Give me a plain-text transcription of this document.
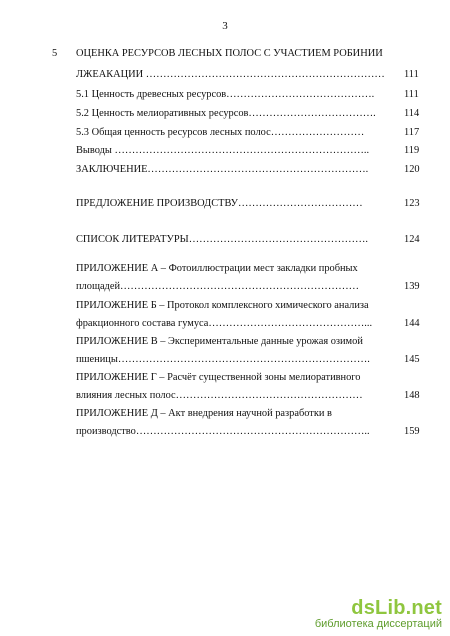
3
5 ОЦЕНКА РЕСУРСОВ ЛЕСНЫХ ПОЛОС С УЧАСТИЕМ РОБИНИИ
ЛЖЕАКАЦИИ ……………………………………………………………	111
5.1 Ценность древесных ресурсов…………………………………….	111
5.2 Ценность мелиоративных ресурсов……………………………….	114
5.3 Общая ценность ресурсов лесных полос………………………	117
Выводы ………………………………………………………………..	119
ЗАКЛЮЧЕНИЕ……………………………………………………….	120
ПРЕДЛОЖЕНИЕ ПРОИЗВОДСТВУ………………………………	123
СПИСОК ЛИТЕРАТУРЫ…………………………………………….	124
ПРИЛОЖЕНИЕ А – Фотоиллюстрации мест закладки пробных
площадей……………………………………………………………	139
ПРИЛОЖЕНИЕ Б – Протокол комплексного химического анализа
фракционного состава гумуса………………………………………...	144
ПРИЛОЖЕНИЕ В – Экспериментальные данные урожая озимой
пшеницы……………………………………………………………….	145
ПРИЛОЖЕНИЕ Г – Расчёт существенной зоны мелиоративного
влияния лесных полос………………………………………………	148
ПРИЛОЖЕНИЕ Д – Акт внедрения научной разработки в
производство…………………………………………………………..	159
dsLib.net
библиотека диссертаций
